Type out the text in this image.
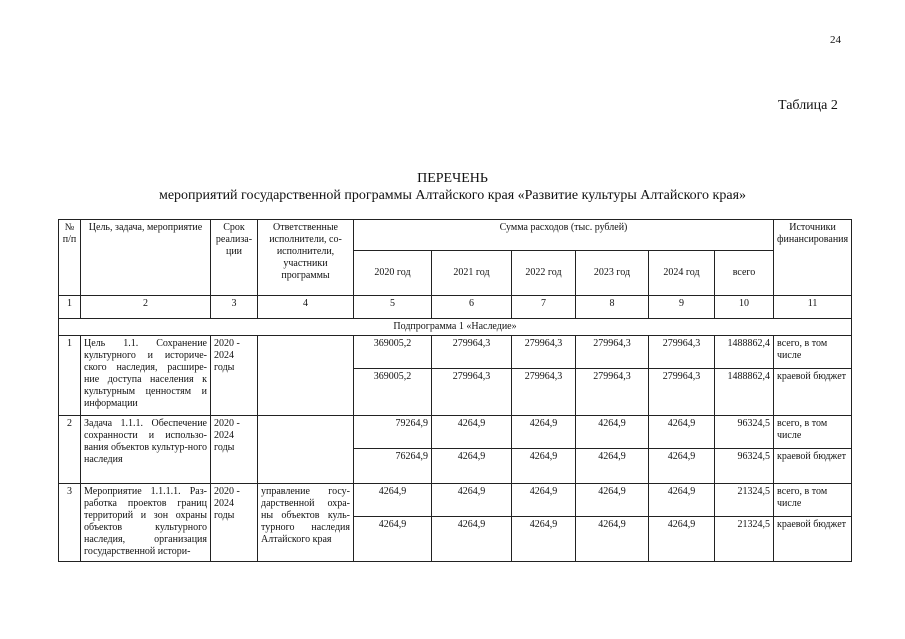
24
Таблица 2
ПЕРЕЧЕНЬ
мероприятий государственной программы Алтайского края «Развитие культуры Алтайского края»
№ п/п	Цель, задача, мероприятие	Срок реализа-ции	Ответственные исполнители, со-исполнители, участники программы	Сумма расходов (тыс. рублей)						Источники финансирования
				2020 год	2021 год	2022 год	2023 год	2024 год	всего	
1	2	3	4	5	6	7	8	9	10	11
Подпрограмма 1 «Наследие»										
1	Цель 1.1. Сохранение культурного и историче-ского наследия, расшире-ние доступа населения к культурным ценностям и информации	2020 - 2024 годы		369005,2	279964,3	279964,3	279964,3	279964,3	1488862,4	всего, в том числе
				369005,2	279964,3	279964,3	279964,3	279964,3	1488862,4	краевой бюджет
2	Задача 1.1.1. Обеспечение сохранности и использо-вания объектов культур-ного наследия	2020 - 2024 годы		79264,9	4264,9	4264,9	4264,9	4264,9	96324,5	всего, в том числе
				76264,9	4264,9	4264,9	4264,9	4264,9	96324,5	краевой бюджет
3	Мероприятие 1.1.1.1. Раз-работка проектов границ территорий и зон охраны объектов культурного наследия, организация государственной истори-	2020 - 2024 годы	управление госу-дарственной охра-ны объектов куль-турного наследия Алтайского края	4264,9	4264,9	4264,9	4264,9	4264,9	21324,5	всего, в том числе
				4264,9	4264,9	4264,9	4264,9	4264,9	21324,5	краевой бюджет
